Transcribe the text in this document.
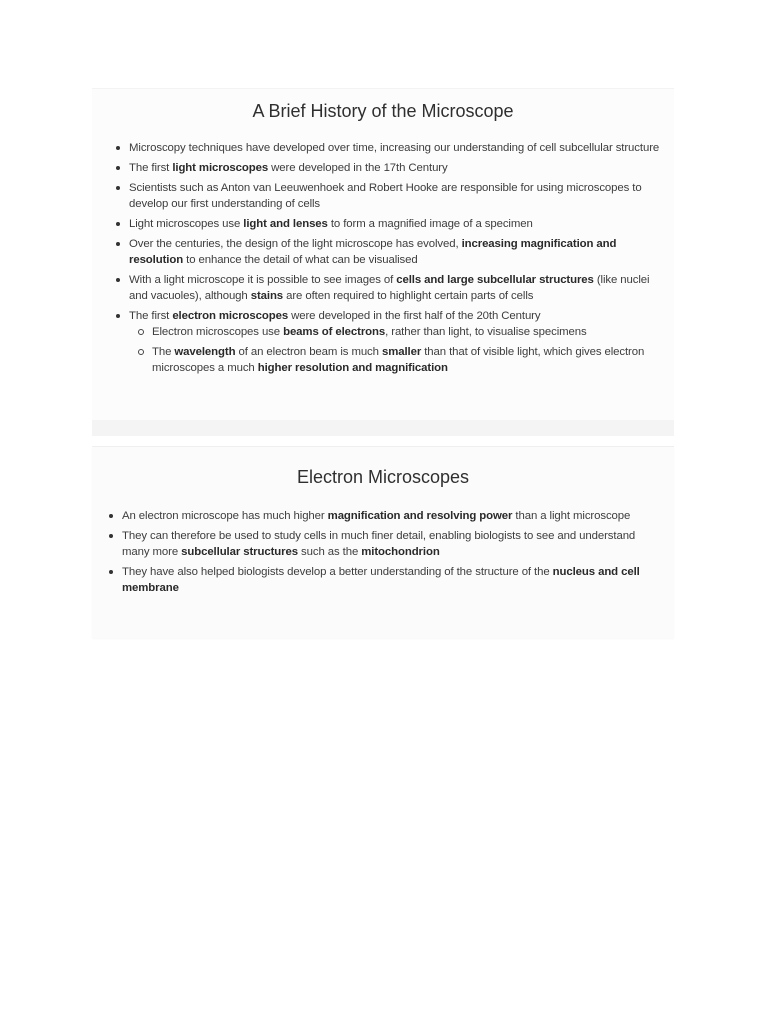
A Brief History of the Microscope
Microscopy techniques have developed over time, increasing our understanding of cell subcellular structure
The first light microscopes were developed in the 17th Century
Scientists such as Anton van Leeuwenhoek and Robert Hooke are responsible for using microscopes to develop our first understanding of cells
Light microscopes use light and lenses to form a magnified image of a specimen
Over the centuries, the design of the light microscope has evolved, increasing magnification and resolution to enhance the detail of what can be visualised
With a light microscope it is possible to see images of cells and large subcellular structures (like nuclei and vacuoles), although stains are often required to highlight certain parts of cells
The first electron microscopes were developed in the first half of the 20th Century
Electron microscopes use beams of electrons, rather than light, to visualise specimens
The wavelength of an electron beam is much smaller than that of visible light, which gives electron microscopes a much higher resolution and magnification
Electron Microscopes
An electron microscope has much higher magnification and resolving power than a light microscope
They can therefore be used to study cells in much finer detail, enabling biologists to see and understand many more subcellular structures such as the mitochondrion
They have also helped biologists develop a better understanding of the structure of the nucleus and cell membrane
